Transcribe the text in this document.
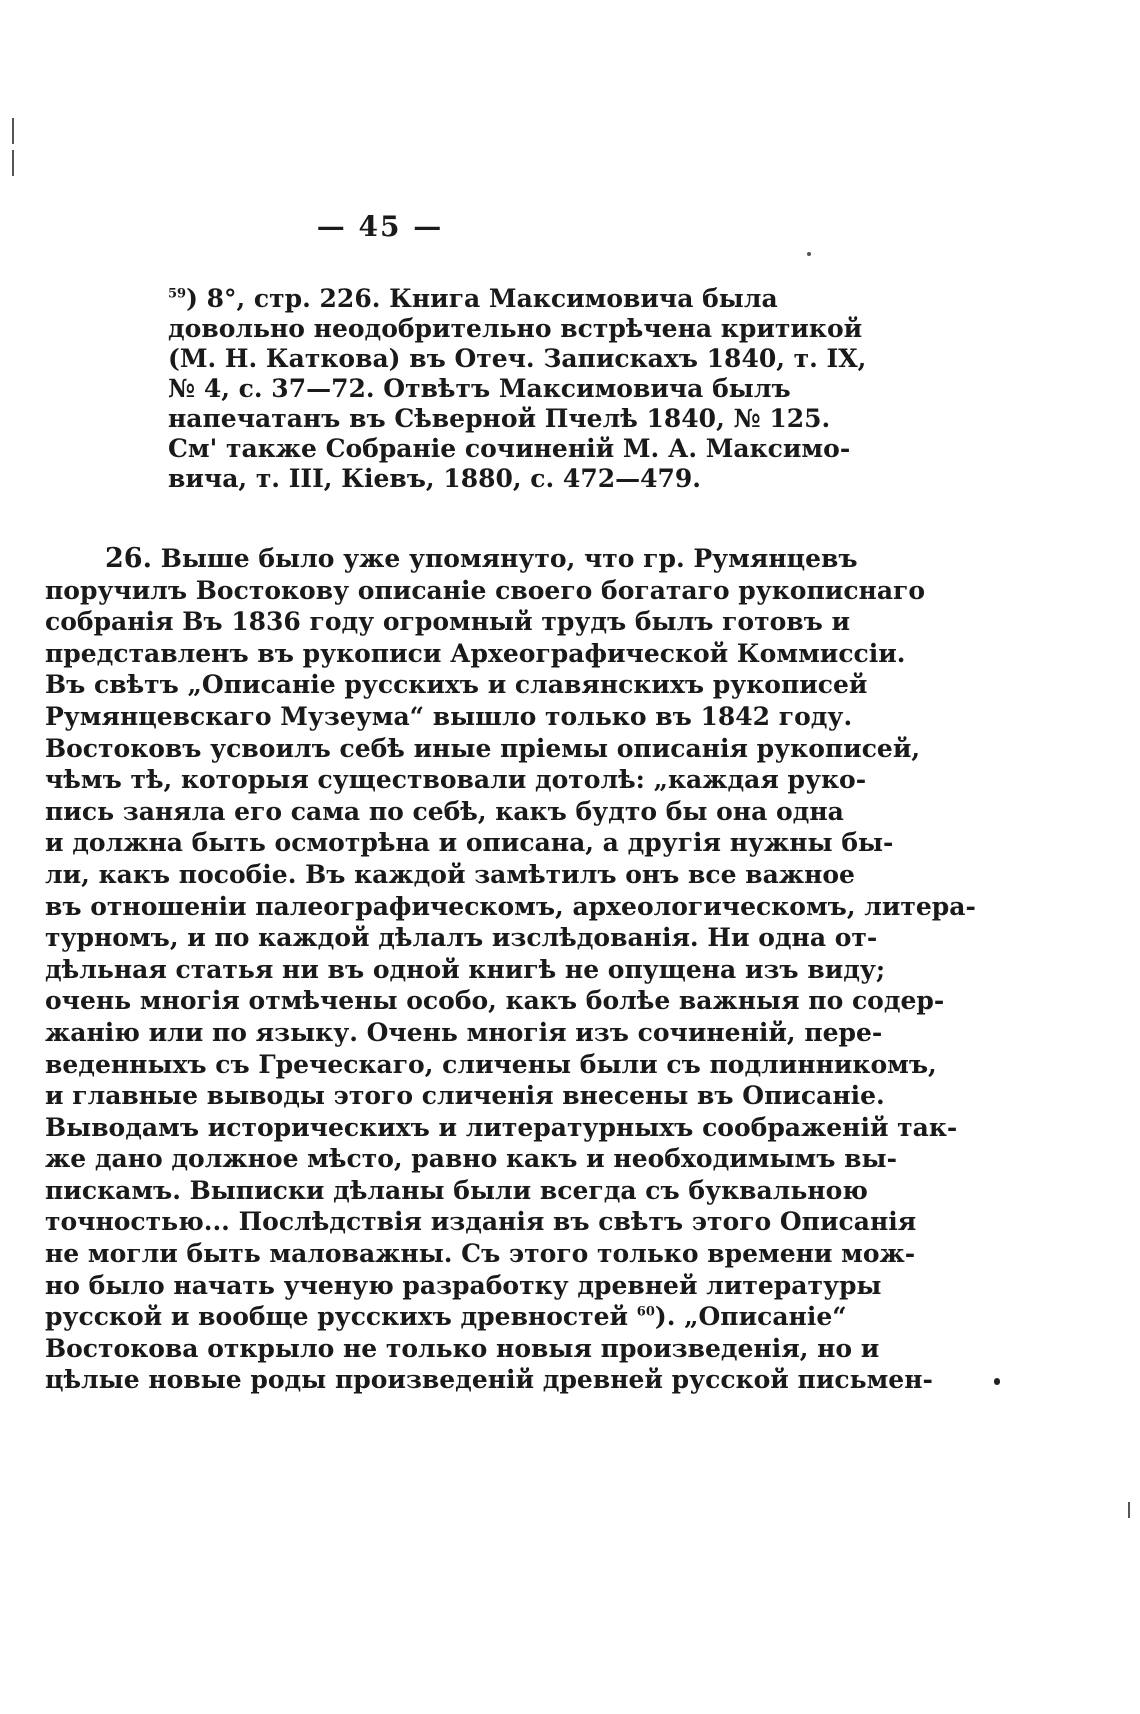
— 45 —
$^{59}$) 8°, стр. 226. Книга Максимовича была
довольно неодобрительно встрѣчена критикой
(М. Н. Каткова) въ Отеч. Запискахъ 1840, т. IX,
№ 4, с. 37—72. Отвѣтъ Максимовича былъ
напечатанъ въ Сѣверной Пчелѣ 1840, № 125.
См' также Собраніе сочиненій М. А. Максимо-
вича, т. III, Кіевъ, 1880, с. 472—479.
26. Выше было уже упомянуто, что гр. Румянцевъ
поручилъ Востокову описаніе своего богатаго рукописнаго
собранія Въ 1836 году огромный трудъ былъ готовъ и
представленъ въ рукописи Археографической Коммиссіи.
Въ свѣтъ „Описаніе русскихъ и славянскихъ рукописей
Румянцевскаго Музеума“ вышло только въ 1842 году.
Востоковъ усвоилъ себѣ иные пріемы описанія рукописей,
чѣмъ тѣ, которыя существовали дотолѣ: „каждая руко-
пись заняла его сама по себѣ, какъ будто бы она одна
и должна быть осмотрѣна и описана, а другія нужны бы-
ли, какъ пособіе. Въ каждой замѣтилъ онъ все важное
въ отношеніи палеографическомъ, археологическомъ, литера-
турномъ, и по каждой дѣлалъ изслѣдованія. Ни одна от-
дѣльная статья ни въ одной книгѣ не опущена изъ виду;
очень многія отмѣчены особо, какъ болѣе важныя по содер-
жанію или по языку. Очень многія изъ сочиненій, пере-
веденныхъ съ Греческаго, сличены были съ подлинникомъ,
и главные выводы этого сличенія внесены въ Описаніе.
Выводамъ историческихъ и литературныхъ соображеній так-
же дано должное мѣсто, равно какъ и необходимымъ вы-
пискамъ. Выписки дѣланы были всегда съ буквальною
точностью... Послѣдствія изданія въ свѣтъ этого Описанія
не могли быть маловажны. Съ этого только времени мож-
но было начать ученую разработку древней литературы
русской и вообще русскихъ древностей $^{60}$). „Описаніе“
Востокова открыло не только новыя произведенія, но и
цѣлые новые роды произведеній древней русской письмен-
